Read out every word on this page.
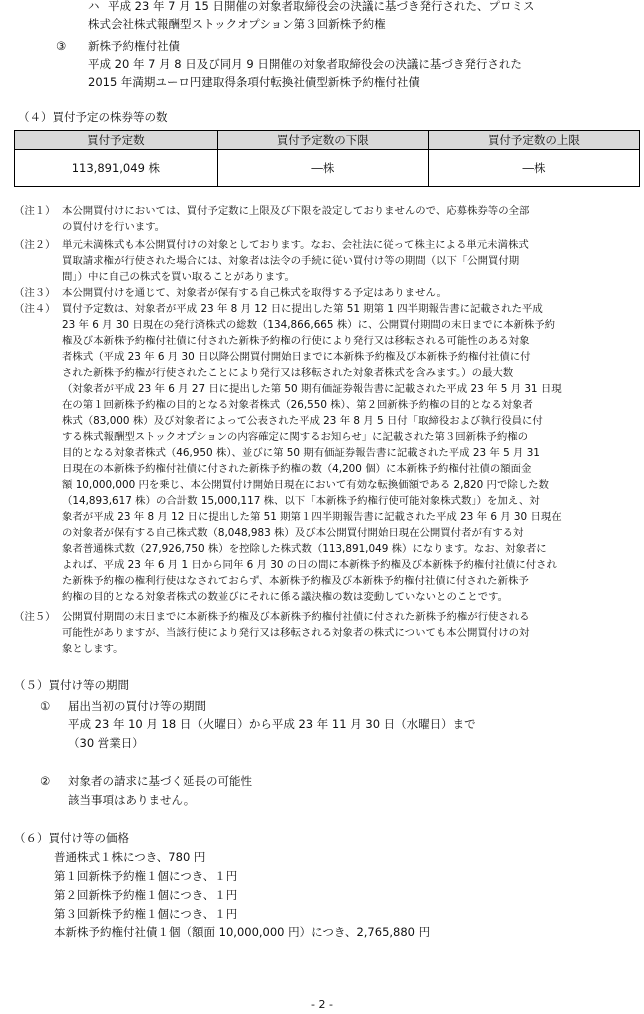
ハ 平成 23 年 7 月 15 日開催の対象者取締役会の決議に基づき発行された、プロミス
株式会社株式報酬型ストックオプション第３回新株予約権
③ 新株予約権付社債
平成 20 年 7 月 8 日及び同月 9 日開催の対象者取締役会の決議に基づき発行された
2015 年満期ユーロ円建取得条項付転換社債型新株予約権付社債
（４）買付予定の株券等の数
買付予定数	買付予定数の下限	買付予定数の上限
113,891,049 株	―株	―株
（注１） 本公開買付けにおいては、買付予定数に上限及び下限を設定しておりませんので、応募株券等の全部
の買付けを行います。
（注２） 単元未満株式も本公開買付けの対象としております。なお、会社法に従って株主による単元未満株式
買取請求権が行使された場合には、対象者は法令の手続に従い買付け等の期間（以下「公開買付期
間」）中に自己の株式を買い取ることがあります。
（注３） 本公開買付けを通じて、対象者が保有する自己株式を取得する予定はありません。
（注４） 買付予定数は、対象者が平成 23 年 8 月 12 日に提出した第 51 期第 1 四半期報告書に記載された平成
23 年 6 月 30 日現在の発行済株式の総数（134,866,665 株）に、公開買付期間の末日までに本新株予約
権及び本新株予約権付社債に付された新株予約権の行使により発行又は移転される可能性のある対象
者株式（平成 23 年 6 月 30 日以降公開買付開始日までに本新株予約権及び本新株予約権付社債に付
された新株予約権が行使されたことにより発行又は移転された対象者株式を含みます。）の最大数
（対象者が平成 23 年 6 月 27 日に提出した第 50 期有価証券報告書に記載された平成 23 年 5 月 31 日現
在の第１回新株予約権の目的となる対象者株式（26,550 株）、第２回新株予約権の目的となる対象者
株式（83,000 株）及び対象者によって公表された平成 23 年 8 月 5 日付「取締役および執行役員に付
する株式報酬型ストックオプションの内容確定に関するお知らせ」に記載された第３回新株予約権の
目的となる対象者株式（46,950 株）、並びに第 50 期有価証券報告書に記載された平成 23 年 5 月 31
日現在の本新株予約権付社債に付された新株予約権の数（4,200 個）に本新株予約権付社債の額面金
額 10,000,000 円を乗じ、本公開買付け開始日現在において有効な転換価額である 2,820 円で除した数
（14,893,617 株）の合計数 15,000,117 株、以下「本新株予約権行使可能対象株式数」）を加え、対
象者が平成 23 年 8 月 12 日に提出した第 51 期第１四半期報告書に記載された平成 23 年 6 月 30 日現在
の対象者が保有する自己株式数（8,048,983 株）及び本公開買付開始日現在公開買付者が有する対
象者普通株式数（27,926,750 株）を控除した株式数（113,891,049 株）になります。なお、対象者に
よれば、平成 23 年 6 月 1 日から同年 6 月 30 の日の間に本新株予約権及び本新株予約権付社債に付され
た新株予約権の権利行使はなされておらず、本新株予約権及び本新株予約権付社債に付された新株予
約権の目的となる対象者株式の数並びにそれに係る議決権の数は変動していないとのことです。
（注５） 公開買付期間の末日までに本新株予約権及び本新株予約権付社債に付された新株予約権が行使される
可能性がありますが、当該行使により発行又は移転される対象者の株式についても本公開買付けの対
象とします。
（５）買付け等の期間
① 届出当初の買付け等の期間
平成 23 年 10 月 18 日（火曜日）から平成 23 年 11 月 30 日（水曜日）まで
（30 営業日）
② 対象者の請求に基づく延長の可能性
該当事項はありません。
（６）買付け等の価格
普通株式１株につき、780 円
第１回新株予約権１個につき、１円
第２回新株予約権１個につき、１円
第３回新株予約権１個につき、１円
本新株予約権付社債１個（額面 10,000,000 円）につき、2,765,880 円
- 2 -
